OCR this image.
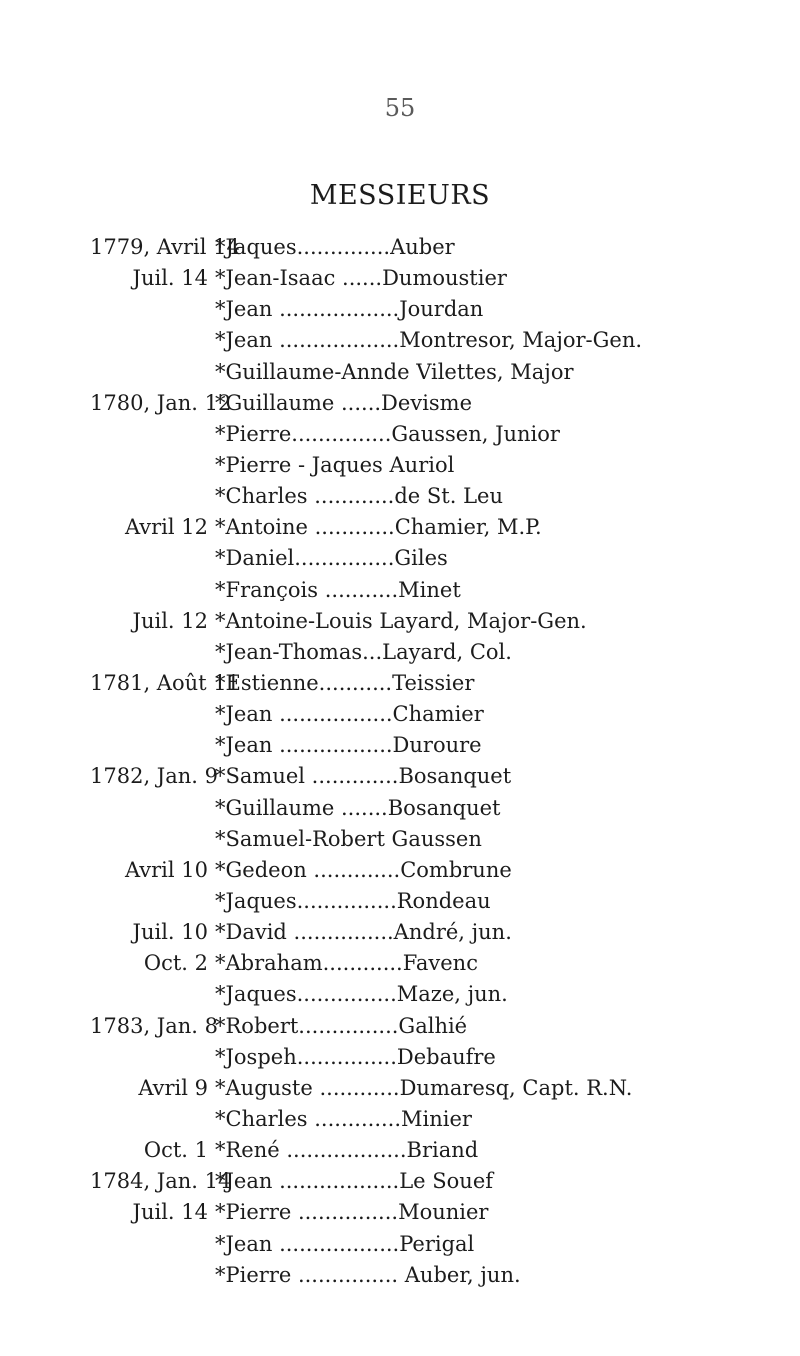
55
MESSIEURS
1779, Avril 14
*Jaques..............Auber
Juil. 14 *Jean-Isaac ......Dumoustier
*Jean ..................Jourdan
*Jean ..................Montresor, Major-Gen.
*Guillaume-Annde Vilettes, Major
1780, Jan. 12
*Guillaume ......Devisme
*Pierre...............Gaussen, Junior
*Pierre - Jaques Auriol
*Charles ............de St. Leu
Avril 12 *Antoine ............Chamier, M.P.
*Daniel...............Giles
*François ...........Minet
Juil. 12 *Antoine-Louis Layard, Major-Gen.
*Jean-Thomas...Layard, Col.
1781, Août 11
*Estienne...........Teissier
*Jean .................Chamier
*Jean .................Duroure
1782, Jan. 9
*Samuel .............Bosanquet
*Guillaume .......Bosanquet
*Samuel-Robert Gaussen
Avril 10 *Gedeon .............Combrune
*Jaques...............Rondeau
Juil. 10 *David ...............André, jun.
Oct. 2 *Abraham............Favenc
*Jaques...............Maze, jun.
1783, Jan. 8
*Robert...............Galhié
*Jospeh...............Debaufre
Avril 9 *Auguste ............Dumaresq, Capt. R.N.
*Charles .............Minier
Oct. 1 *René ..................Briand
1784, Jan. 14
*Jean ..................Le Souef
Juil. 14 *Pierre ...............Mounier
*Jean ..................Perigal
*Pierre ............... Auber, jun.
